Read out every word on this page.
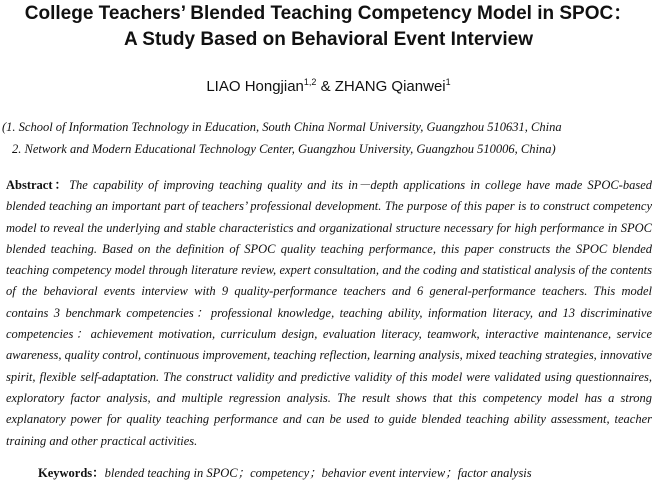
College Teachers’ Blended Teaching Competency Model in SPOC：
A Study Based on Behavioral Event Interview
LIAO Hongjian$^{1,2}$ & ZHANG Qianwei$^1$
(1. School of Information Technology in Education, South China Normal University, Guangzhou 510631, China
2. Network and Modern Educational Technology Center, Guangzhou University, Guangzhou 510006, China)
Abstract：The capability of improving teaching quality and its in－depth applications in college have made SPOC-based blended teaching an important part of teachers’ professional development. The purpose of this paper is to construct competency model to reveal the underlying and stable characteristics and organizational structure necessary for high performance in SPOC blended teaching. Based on the definition of SPOC quality teaching performance, this paper constructs the SPOC blended teaching competency model through literature review, expert consultation, and the coding and statistical analysis of the contents of the behavioral events interview with 9 quality-performance teachers and 6 general-performance teachers. This model contains 3 benchmark competencies：professional knowledge, teaching ability, information literacy, and 13 discriminative competencies：achievement motivation, curriculum design, evaluation literacy, teamwork, interactive maintenance, service awareness, quality control, continuous improvement, teaching reflection, learning analysis, mixed teaching strategies, innovative spirit, flexible self-adaptation. The construct validity and predictive validity of this model were validated using questionnaires, exploratory factor analysis, and multiple regression analysis. The result shows that this competency model has a strong explanatory power for quality teaching performance and can be used to guide blended teaching ability assessment, teacher training and other practical activities.
Keywords：blended teaching in SPOC；competency；behavior event interview；factor analysis
